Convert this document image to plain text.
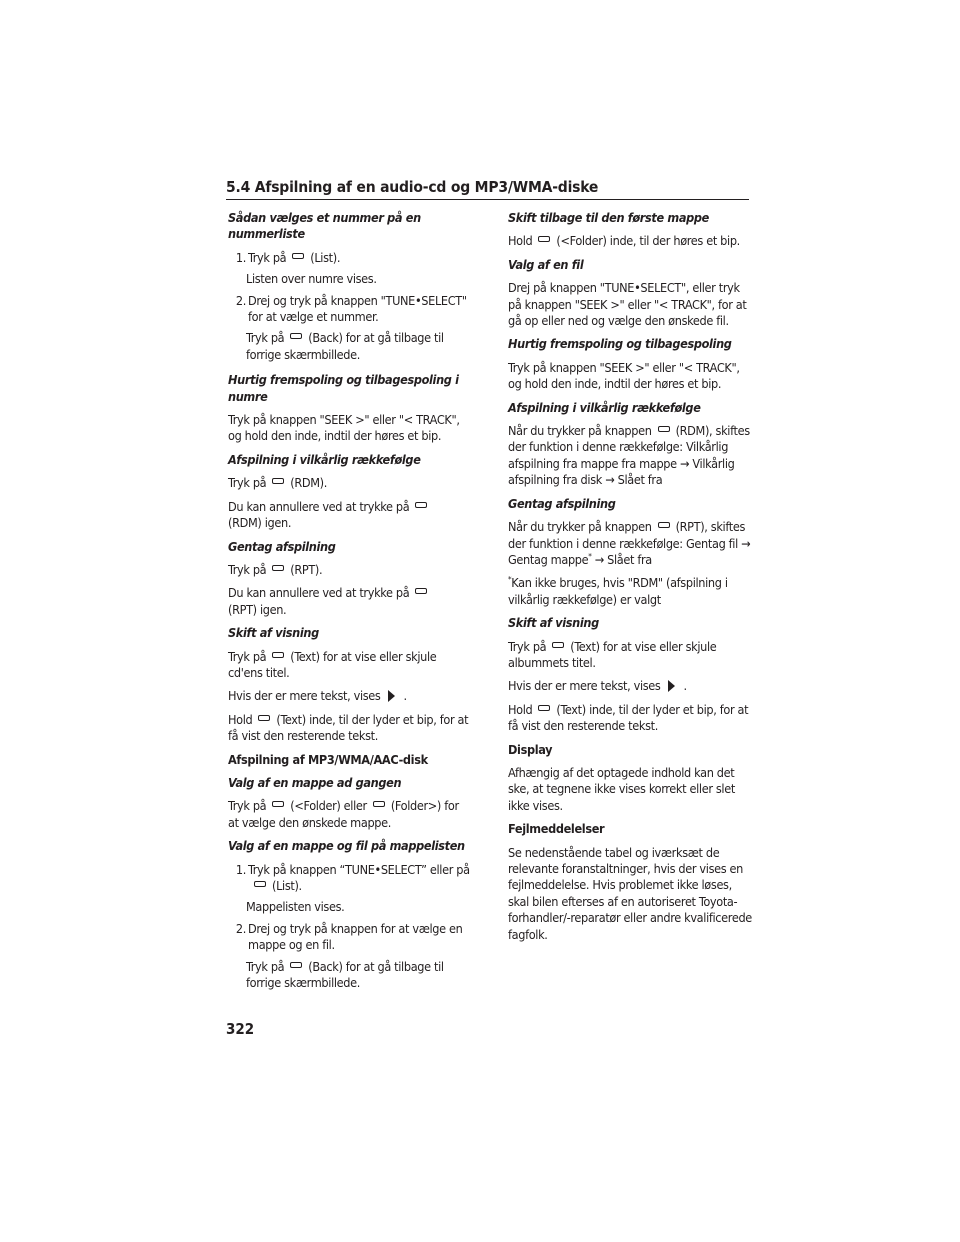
5.4 Afspilning af en audio-cd og MP3/WMA-diske
Sådan vælges et nummer på en nummerliste
1. Tryk på (List).
Listen over numre vises.
2. Drej og tryk på knappen "TUNE•SELECT" for at vælge et nummer.
Tryk på (Back) for at gå tilbage til forrige skærmbillede.
Hurtig fremspoling og tilbagespoling i numre
Tryk på knappen "SEEK >" eller "< TRACK", og hold den inde, indtil der høres et bip.
Afspilning i vilkårlig rækkefølge
Tryk på (RDM).
Du kan annullere ved at trykke på
(RDM) igen.
Gentag afspilning
Tryk på (RPT).
Du kan annullere ved at trykke på
(RPT) igen.
Skift af visning
Tryk på (Text) for at vise eller skjule cd'ens titel.
Hvis der er mere tekst, vises .
Hold (Text) inde, til der lyder et bip, for at få vist den resterende tekst.
Afspilning af MP3/WMA/AAC-disk
Valg af en mappe ad gangen
Tryk på (<Folder) eller (Folder>) for at vælge den ønskede mappe.
Valg af en mappe og fil på mappelisten
1. Tryk på knappen “TUNE•SELECT” eller på(List).
Mappelisten vises.
2. Drej og tryk på knappen for at vælge en mappe og en fil.
Tryk på (Back) for at gå tilbage til forrige skærmbillede.
Skift tilbage til den første mappe
Hold (<Folder) inde, til der høres et bip.
Valg af en fil
Drej på knappen "TUNE•SELECT", eller tryk på knappen "SEEK >" eller "< TRACK", for at gå op eller ned og vælge den ønskede fil.
Hurtig fremspoling og tilbagespoling
Tryk på knappen "SEEK >" eller "< TRACK", og hold den inde, indtil der høres et bip.
Afspilning i vilkårlig rækkefølge
Når du trykker på knappen (RDM), skiftes der funktion i denne rækkefølge: Vilkårlig afspilning fra mappe fra mappe → Vilkårlig afspilning fra disk → Slået fra
Gentag afspilning
Når du trykker på knappen (RPT), skiftes der funktion i denne rækkefølge: Gentag fil → Gentag mappe* → Slået fra
*Kan ikke bruges, hvis "RDM" (afspilning i vilkårlig rækkefølge) er valgt
Skift af visning
Tryk på (Text) for at vise eller skjule albummets titel.
Hvis der er mere tekst, vises .
Hold (Text) inde, til der lyder et bip, for at få vist den resterende tekst.
Display
Afhængig af det optagede indhold kan det ske, at tegnene ikke vises korrekt eller slet ikke vises.
Fejlmeddelelser
Se nedenstående tabel og iværksæt de relevante foranstaltninger, hvis der vises en fejlmeddelelse. Hvis problemet ikke løses, skal bilen efterses af en autoriseret Toyota-forhandler/-reparatør eller andre kvalificerede fagfolk.
322
